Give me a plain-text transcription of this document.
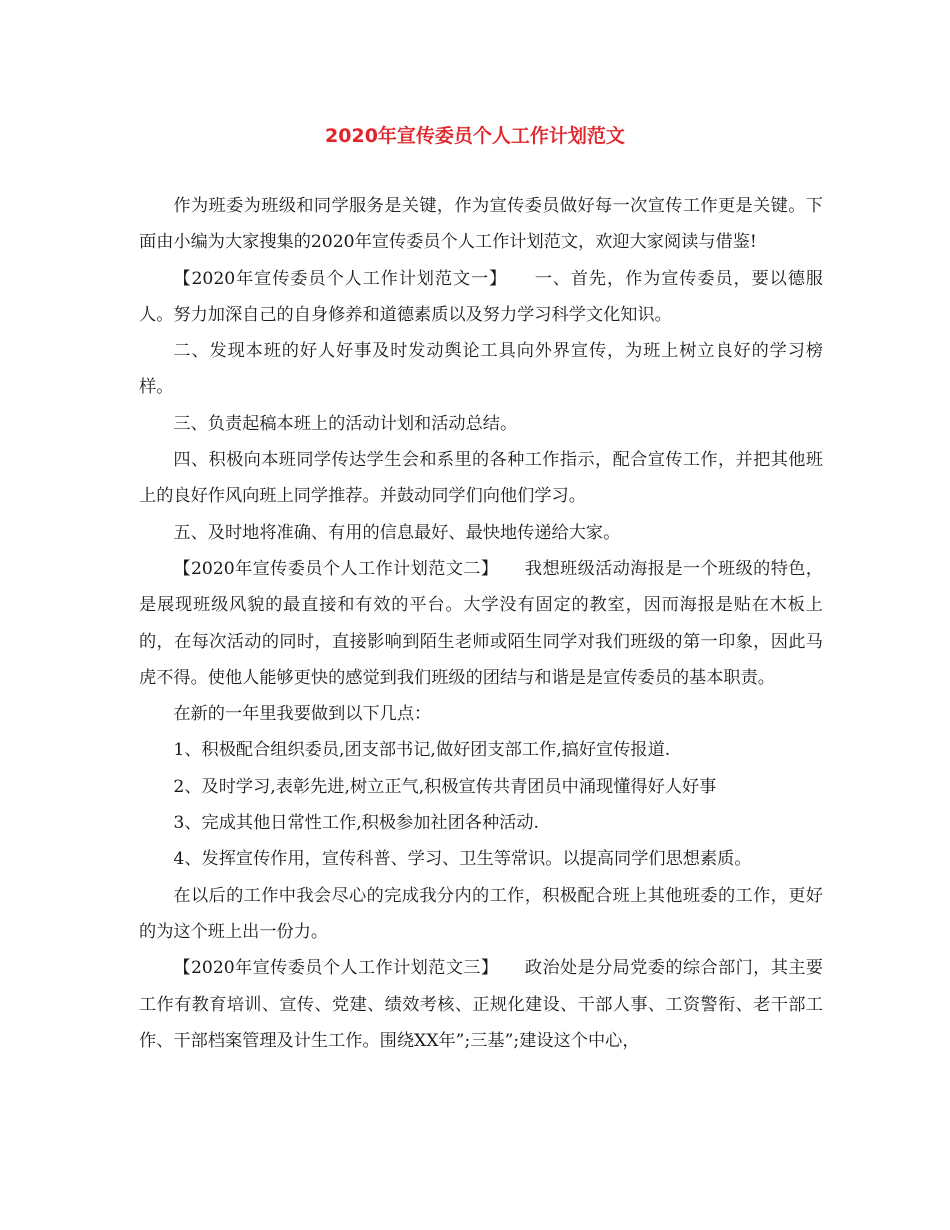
2020年宣传委员个人工作计划范文

作为班委为班级和同学服务是关键，作为宣传委员做好每一次宣传工作更是关键。下面由小编为大家搜集的2020年宣传委员个人工作计划范文，欢迎大家阅读与借鉴!

【2020年宣传委员个人工作计划范文一】　　一、首先，作为宣传委员，要以德服人。努力加深自己的自身修养和道德素质以及努力学习科学文化知识。

二、发现本班的好人好事及时发动舆论工具向外界宣传，为班上树立良好的学习榜样。

三、负责起稿本班上的活动计划和活动总结。

四、积极向本班同学传达学生会和系里的各种工作指示，配合宣传工作，并把其他班上的良好作风向班上同学推荐。并鼓动同学们向他们学习。

五、及时地将准确、有用的信息最好、最快地传递给大家。

【2020年宣传委员个人工作计划范文二】　　我想班级活动海报是一个班级的特色，是展现班级风貌的最直接和有效的平台。大学没有固定的教室，因而海报是贴在木板上的，在每次活动的同时，直接影响到陌生老师或陌生同学对我们班级的第一印象，因此马虎不得。使他人能够更快的感觉到我们班级的团结与和谐是是宣传委员的基本职责。

在新的一年里我要做到以下几点：

1、积极配合组织委员,团支部书记,做好团支部工作,搞好宣传报道.

2、及时学习,表彰先进,树立正气,积极宣传共青团员中涌现懂得好人好事

3、完成其他日常性工作,积极参加社团各种活动.

4、发挥宣传作用，宣传科普、学习、卫生等常识。以提高同学们思想素质。

在以后的工作中我会尽心的完成我分内的工作，积极配合班上其他班委的工作，更好的为这个班上出一份力。

【2020年宣传委员个人工作计划范文三】　　政治处是分局党委的综合部门，其主要工作有教育培训、宣传、党建、绩效考核、正规化建设、干部人事、工资警衔、老干部工作、干部档案管理及计生工作。围绕XX年”;三基”;建设这个中心，
